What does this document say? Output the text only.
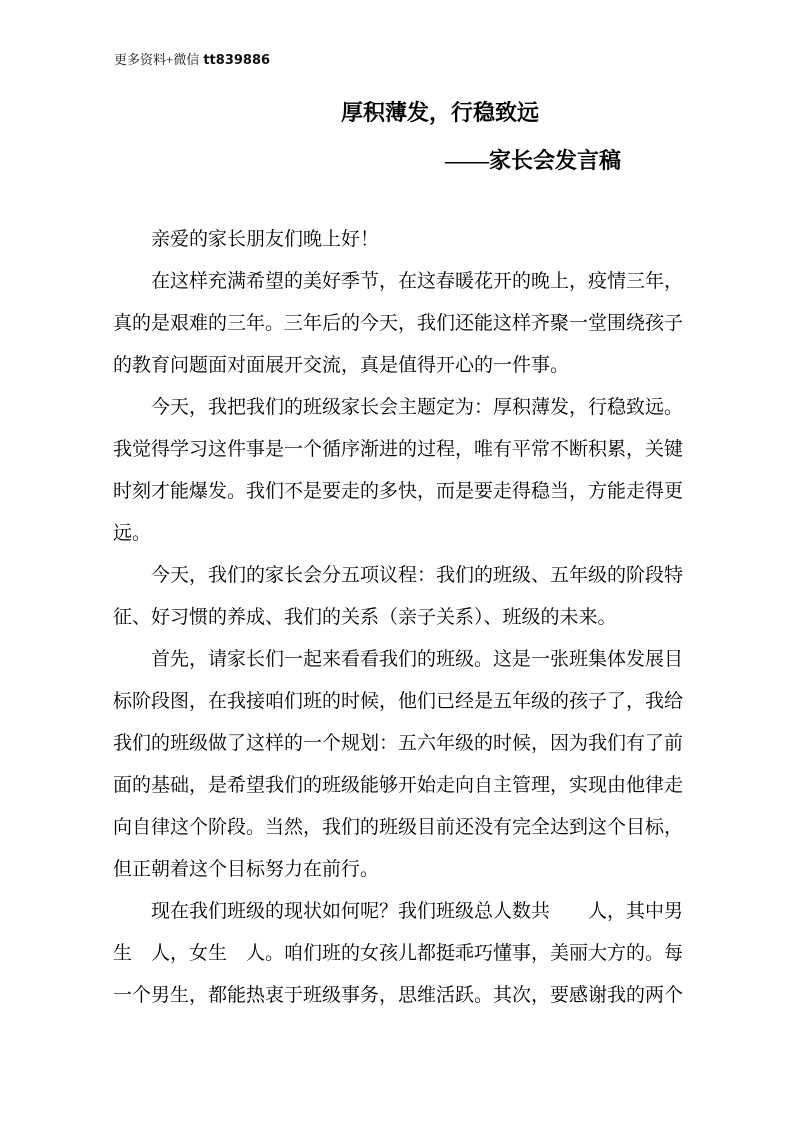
更多资料+微信 tt839886
厚积薄发，行稳致远
——家长会发言稿

亲爱的家长朋友们晚上好！

在这样充满希望的美好季节，在这春暖花开的晚上，疫情三年，真的是艰难的三年。三年后的今天，我们还能这样齐聚一堂围绕孩子的教育问题面对面展开交流，真是值得开心的一件事。

今天，我把我们的班级家长会主题定为：厚积薄发，行稳致远。我觉得学习这件事是一个循序渐进的过程，唯有平常不断积累，关键时刻才能爆发。我们不是要走的多快，而是要走得稳当，方能走得更远。

今天，我们的家长会分五项议程：我们的班级、五年级的阶段特征、好习惯的养成、我们的关系（亲子关系）、班级的未来。

首先，请家长们一起来看看我们的班级。这是一张班集体发展目标阶段图，在我接咱们班的时候，他们已经是五年级的孩子了，我给我们的班级做了这样的一个规划：五六年级的时候，因为我们有了前面的基础，是希望我们的班级能够开始走向自主管理，实现由他律走向自律这个阶段。当然，我们的班级目前还没有完全达到这个目标，但正朝着这个目标努力在前行。

现在我们班级的现状如何呢？我们班级总人数共　　人，其中男生　人，女生　人。咱们班的女孩儿都挺乖巧懂事，美丽大方的。每一个男生，都能热衷于班级事务，思维活跃。其次，要感谢我的两个
